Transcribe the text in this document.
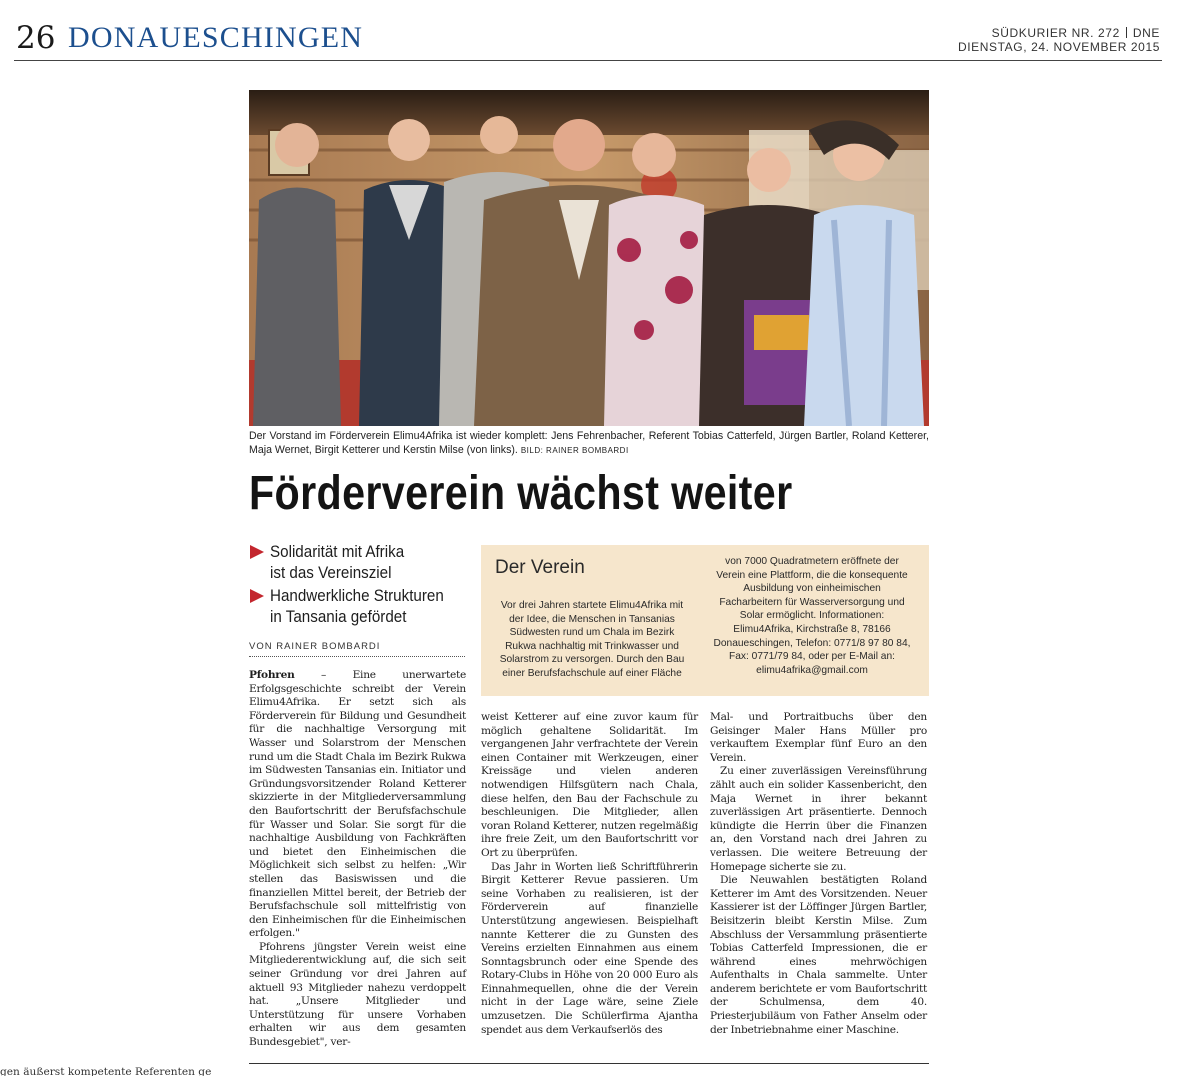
26 DONAUESCHINGEN	SÜDKURIER NR. 272 DNE
DIENSTAG, 24. NOVEMBER 2015
Der Vorstand im Förderverein Elimu4Afrika ist wieder komplett: Jens Fehrenbacher, Referent Tobias Catterfeld, Jürgen Bartler, Roland Ketterer, Maja Wernet, Birgit Ketterer und Kerstin Milse (von links). BILD: RAINER BOMBARDI
Förderverein wächst weiter
Solidarität mit Afrika
ist das Vereinsziel
Handwerkliche Strukturen
in Tansania gefördet
VON RAINER BOMBARDI
Der Verein
Vor drei Jahren startete Elimu4Afrika mit der Idee, die Menschen in Tansanias Südwesten rund um Chala im Bezirk Rukwa nachhaltig mit Trinkwasser und Solarstrom zu versorgen. Durch den Bau einer Berufsfachschule auf einer Fläche
von 7000 Quadratmetern eröffnete der Verein eine Plattform, die die konsequente Ausbildung von einheimischen Facharbeitern für Wasserversorgung und Solar ermöglicht. Informationen: Elimu4Afrika, Kirchstraße 8, 78166 Donaueschingen, Telefon: 0771/8 97 80 84, Fax: 0771/79 84, oder per E-Mail an: elimu4afrika@gmail.com

Pfohren – Eine unerwartete Erfolgsgeschichte schreibt der Verein Elimu4Afrika. Er setzt sich als Förderverein für Bildung und Gesundheit für die nachhaltige Versorgung mit Wasser und Solarstrom der Menschen rund um die Stadt Chala im Bezirk Rukwa im Südwesten Tansanias ein. Initiator und Gründungsvorsitzender Roland Ketterer skizzierte in der Mitgliederversammlung den Baufortschritt der Berufsfachschule für Wasser und Solar. Sie sorgt für die nachhaltige Ausbildung von Fachkräften und bietet den Einheimischen die Möglichkeit sich selbst zu helfen: „Wir stellen das Basiswissen und die finanziellen Mittel bereit, der Betrieb der Berufsfachschule soll mittelfristig von den Einheimischen für die Einheimischen erfolgen."

Pfohrens jüngster Verein weist eine Mitgliederentwicklung auf, die sich seit seiner Gründung vor drei Jahren auf aktuell 93 Mitglieder nahezu verdoppelt hat. „Unsere Mitglieder und Unterstützung für unsere Vorhaben erhalten wir aus dem gesamten Bundesgebiet", ver-

weist Ketterer auf eine zuvor kaum für möglich gehaltene Solidarität. Im vergangenen Jahr verfrachtete der Verein einen Container mit Werkzeugen, einer Kreissäge und vielen anderen notwendigen Hilfsgütern nach Chala, diese helfen, den Bau der Fachschule zu beschleunigen. Die Mitglieder, allen voran Roland Ketterer, nutzen regelmäßig ihre freie Zeit, um den Baufortschritt vor Ort zu überprüfen.

Das Jahr in Worten ließ Schriftführerin Birgit Ketterer Revue passieren. Um seine Vorhaben zu realisieren, ist der Förderverein auf finanzielle Unterstützung angewiesen. Beispielhaft nannte Ketterer die zu Gunsten des Vereins erzielten Einnahmen aus einem Sonntagsbrunch oder eine Spende des Rotary-Clubs in Höhe von 20 000 Euro als Einnahmequellen, ohne die der Verein nicht in der Lage wäre, seine Ziele umzusetzen. Die Schülerfirma Ajantha spendet aus dem Verkaufserlös des

Mal- und Portraitbuchs über den Geisinger Maler Hans Müller pro verkauftem Exemplar fünf Euro an den Verein.

Zu einer zuverlässigen Vereinsführung zählt auch ein solider Kassenbericht, den Maja Wernet in ihrer bekannt zuverlässigen Art präsentierte. Dennoch kündigte die Herrin über die Finanzen an, den Vorstand nach drei Jahren zu verlassen. Die weitere Betreuung der Homepage sicherte sie zu.

Die Neuwahlen bestätigten Roland Ketterer im Amt des Vorsitzenden. Neuer Kassierer ist der Löffinger Jürgen Bartler, Beisitzerin bleibt Kerstin Milse. Zum Abschluss der Versammlung präsentierte Tobias Catterfeld Impressionen, die er während eines mehrwöchigen Aufenthalts in Chala sammelte. Unter anderem berichtete er vom Baufortschritt der Schulmensa, dem 40. Priesterjubiläum von Father Anselm oder der Inbetriebnahme einer Maschine.

gen äußerst kompetente Referenten ge
